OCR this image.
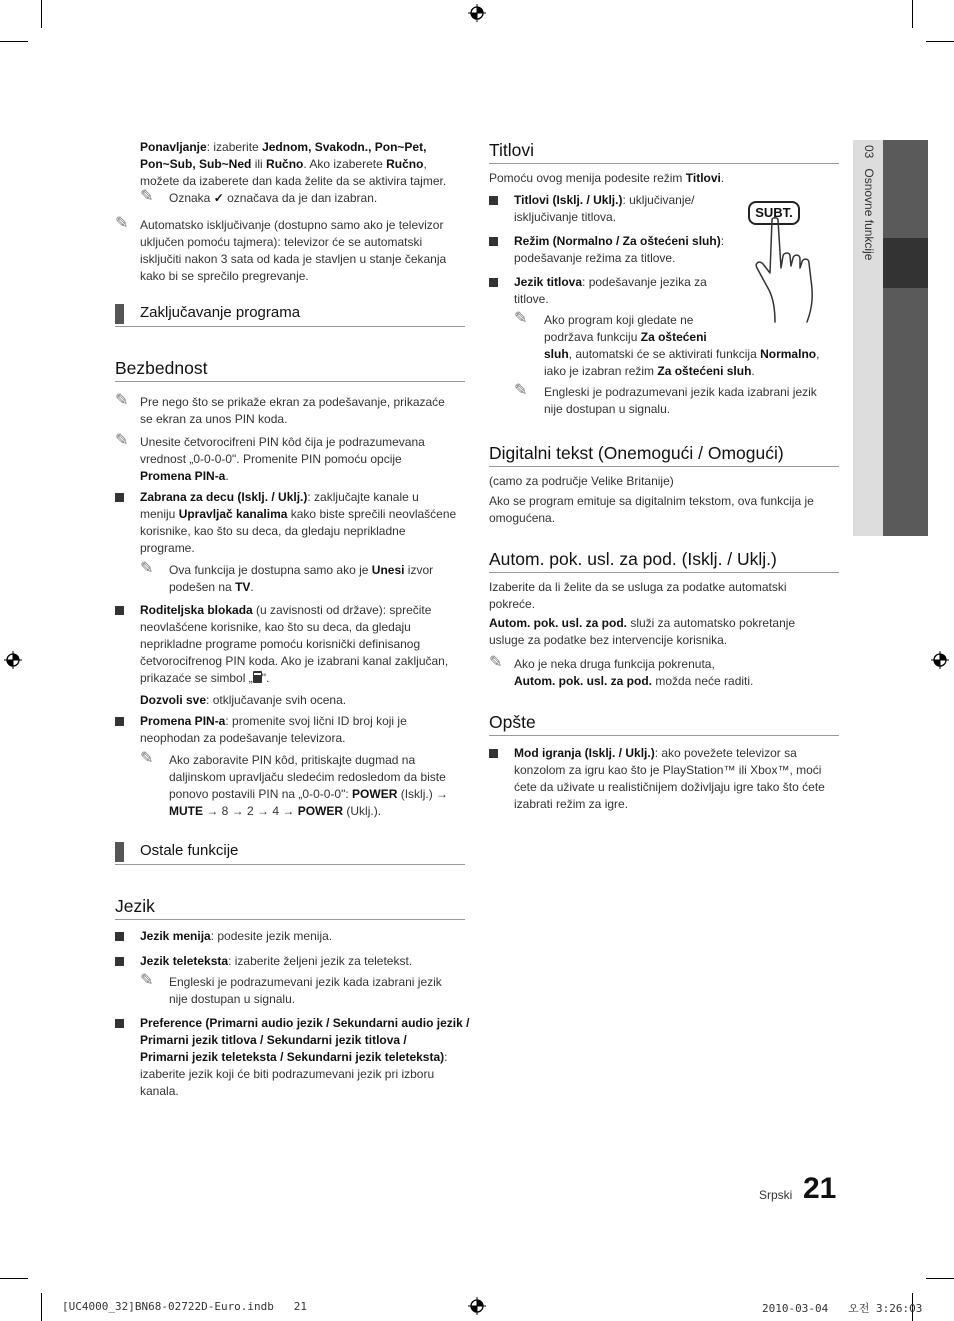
Ponavljanje: izaberite Jednom, Svakodn., Pon~Pet,
Pon~Sub, Sub~Ned ili Ručno. Ako izaberete Ručno,
možete da izaberete dan kada želite da se aktivira tajmer.
✎ Oznaka ✓ označava da je dan izabran.
✎ Automatsko isključivanje (dostupno samo ako je televizor
uključen pomoću tajmera): televizor će se automatski
isključiti nakon 3 sata od kada je stavljen u stanje čekanja
kako bi se sprečilo pregrevanje.
Zaključavanje programa
Bezbednost
✎ Pre nego što se prikaže ekran za podešavanje, prikazaće
se ekran za unos PIN koda.
✎ Unesite četvorocifreni PIN kôd čija je podrazumevana
vrednost „0-0-0-0". Promenite PIN pomoću opcije
Promena PIN-a.
Zabrana za decu (Isklj. / Uklj.): zaključajte kanale u
meniju Upravljač kanalima kako biste sprečili neovlašćene
korisnike, kao što su deca, da gledaju neprikladne
programe.
✎ Ova funkcija je dostupna samo ako je Unesi izvor
podešen na TV.
Roditeljska blokada (u zavisnosti od države): sprečite
neovlašćene korisnike, kao što su deca, da gledaju
neprikladne programe pomoću korisnički definisanog
četvorocifrenog PIN koda. Ako je izabrani kanal zaključan,
prikazaće se simbol „ ".
Dozvoli sve: otključavanje svih ocena.
Promena PIN-a: promenite svoj lični ID broj koji je
neophodan za podešavanje televizora.
✎ Ako zaboravite PIN kôd, pritiskajte dugmad na
daljinskom upravljaču sledećim redosledom da biste
ponovo postavili PIN na „0-0-0-0": POWER (Isklj.) →
MUTE → 8 → 2 → 4 → POWER (Uklj.).
Ostale funkcije
Jezik
Jezik menija: podesite jezik menija.
Jezik teleteksta: izaberite željeni jezik za teletekst.
✎ Engleski je podrazumevani jezik kada izabrani jezik
nije dostupan u signalu.
Preference (Primarni audio jezik / Sekundarni audio jezik /
Primarni jezik titlova / Sekundarni jezik titlova /
Primarni jezik teleteksta / Sekundarni jezik teleteksta):
izaberite jezik koji će biti podrazumevani jezik pri izboru
kanala.
Titlovi
Pomoću ovog menija podesite režim Titlovi.
Titlovi (Isklj. / Uklj.): uključivanje/
isključivanje titlova.
Režim (Normalno / Za oštećeni sluh):
podešavanje režima za titlove.
Jezik titlova: podešavanje jezika za
titlove.
✎ Ako program koji gledate ne
podržava funkciju Za oštećeni
sluh, automatski će se aktivirati funkcija Normalno,
iako je izabran režim Za oštećeni sluh.
✎ Engleski je podrazumevani jezik kada izabrani jezik
nije dostupan u signalu.
SUBT.
Digitalni tekst (Onemogući / Omogući)
(camo za područje Velike Britanije)
Ako se program emituje sa digitalnim tekstom, ova funkcija je
omogućena.
Autom. pok. usl. za pod. (Isklj. / Uklj.)
Izaberite da li želite da se usluga za podatke automatski
pokreće.
Autom. pok. usl. za pod. služi za automatsko pokretanje
usluge za podatke bez intervencije korisnika.
✎ Ako je neka druga funkcija pokrenuta,
Autom. pok. usl. za pod. možda neće raditi.
Opšte
Mod igranja (Isklj. / Uklj.): ako povežete televizor sa
konzolom za igru kao što je PlayStation™ ili Xbox™, moći
ćete da uživate u realističnijem doživljaju igre tako što ćete
izabrati režim za igre.
03   Osnovne funkcije
Srpski 21
[UC4000_32]BN68-02722D-Euro.indb   21	2010-03-04   오전 3:26:03
